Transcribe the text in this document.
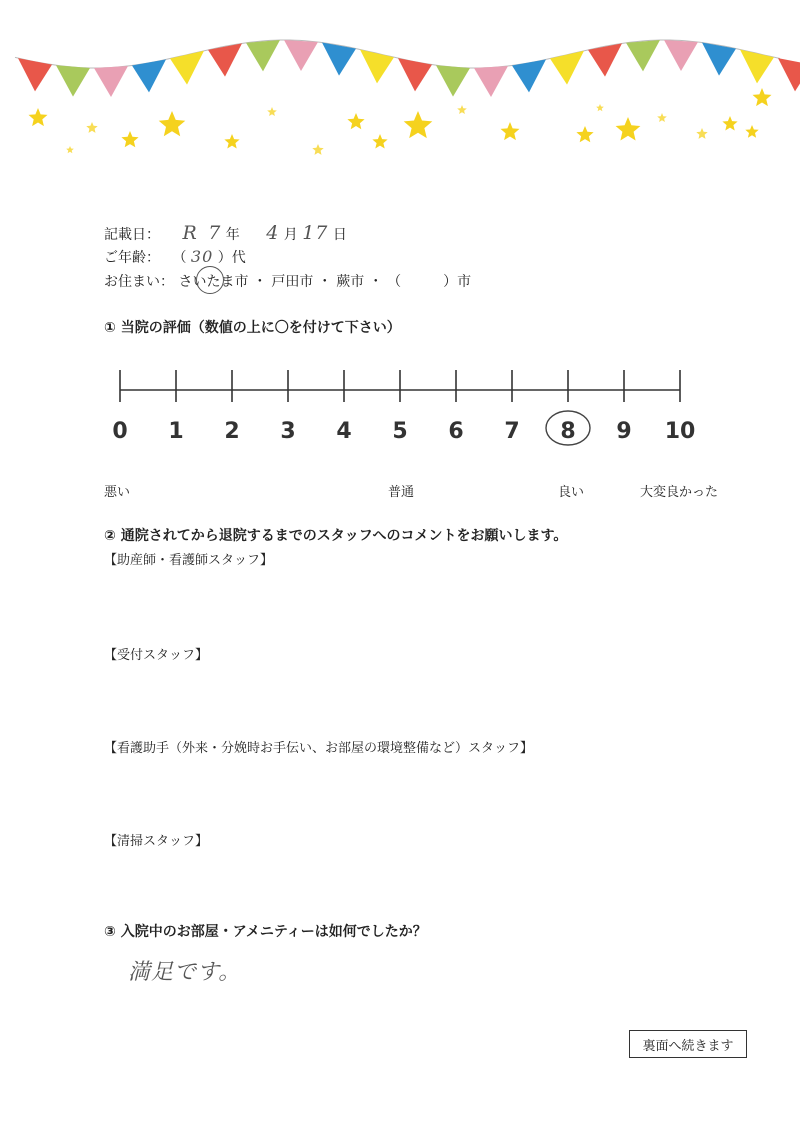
記載日： R 7 年 4 月 17 日
ご年齢： （ 30 ）代
お住まい： さいたま市 ・ 戸田市 ・ 蕨市 ・ （　　　）市
① 当院の評価（数値の上に〇を付けて下さい）
0 1 2 3 4 5 6 7 8 9 10
悪い	普通	良い	大変良かった
② 通院されてから退院するまでのスタッフへのコメントをお願いします。
【助産師・看護師スタッフ】
【受付スタッフ】
【看護助手（外来・分娩時お手伝い、お部屋の環境整備など）スタッフ】
【清掃スタッフ】
③ 入院中のお部屋・アメニティーは如何でしたか？
満足です。
裏面へ続きます
